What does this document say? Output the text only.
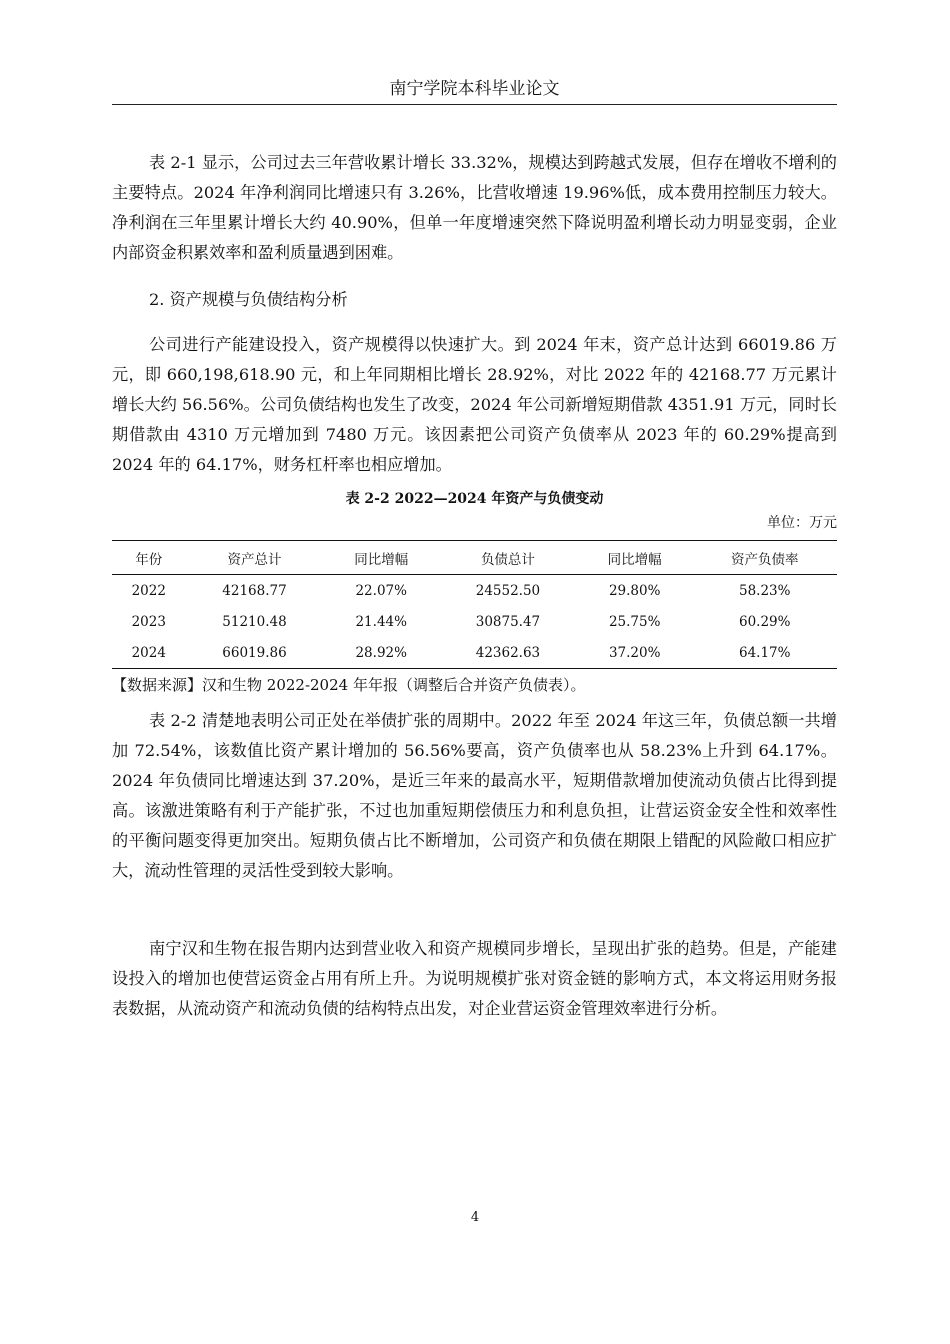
南宁学院本科毕业论文

表 2-1 显示，公司过去三年营收累计增长 33.32%，规模达到跨越式发展，但存在增收不增利的主要特点。2024 年净利润同比增速只有 3.26%，比营收增速 19.96%低，成本费用控制压力较大。净利润在三年里累计增长大约 40.90%，但单一年度增速突然下降说明盈利增长动力明显变弱，企业内部资金积累效率和盈利质量遇到困难。

2. 资产规模与负债结构分析

公司进行产能建设投入，资产规模得以快速扩大。到 2024 年末，资产总计达到 66019.86 万元，即 660,198,618.90 元，和上年同期相比增长 28.92%，对比 2022 年的 42168.77 万元累计增长大约 56.56%。公司负债结构也发生了改变，2024 年公司新增短期借款 4351.91 万元，同时长期借款由 4310 万元增加到 7480 万元。该因素把公司资产负债率从 2023 年的 60.29%提高到 2024 年的 64.17%，财务杠杆率也相应增加。

表 2-2 2022—2024 年资产与负债变动
单位：万元
年份	资产总计	同比增幅	负债总计	同比增幅	资产负债率
2022	42168.77	22.07%	24552.50	29.80%	58.23%
2023	51210.48	21.44%	30875.47	25.75%	60.29%
2024	66019.86	28.92%	42362.63	37.20%	64.17%
【数据来源】汉和生物 2022-2024 年年报（调整后合并资产负债表）。

表 2-2 清楚地表明公司正处在举债扩张的周期中。2022 年至 2024 年这三年，负债总额一共增加 72.54%，该数值比资产累计增加的 56.56%要高，资产负债率也从 58.23%上升到 64.17%。2024 年负债同比增速达到 37.20%，是近三年来的最高水平，短期借款增加使流动负债占比得到提高。该激进策略有利于产能扩张，不过也加重短期偿债压力和利息负担，让营运资金安全性和效率性的平衡问题变得更加突出。短期负债占比不断增加，公司资产和负债在期限上错配的风险敞口相应扩大，流动性管理的灵活性受到较大影响。

南宁汉和生物在报告期内达到营业收入和资产规模同步增长，呈现出扩张的趋势。但是，产能建设投入的增加也使营运资金占用有所上升。为说明规模扩张对资金链的影响方式，本文将运用财务报表数据，从流动资产和流动负债的结构特点出发，对企业营运资金管理效率进行分析。

4
